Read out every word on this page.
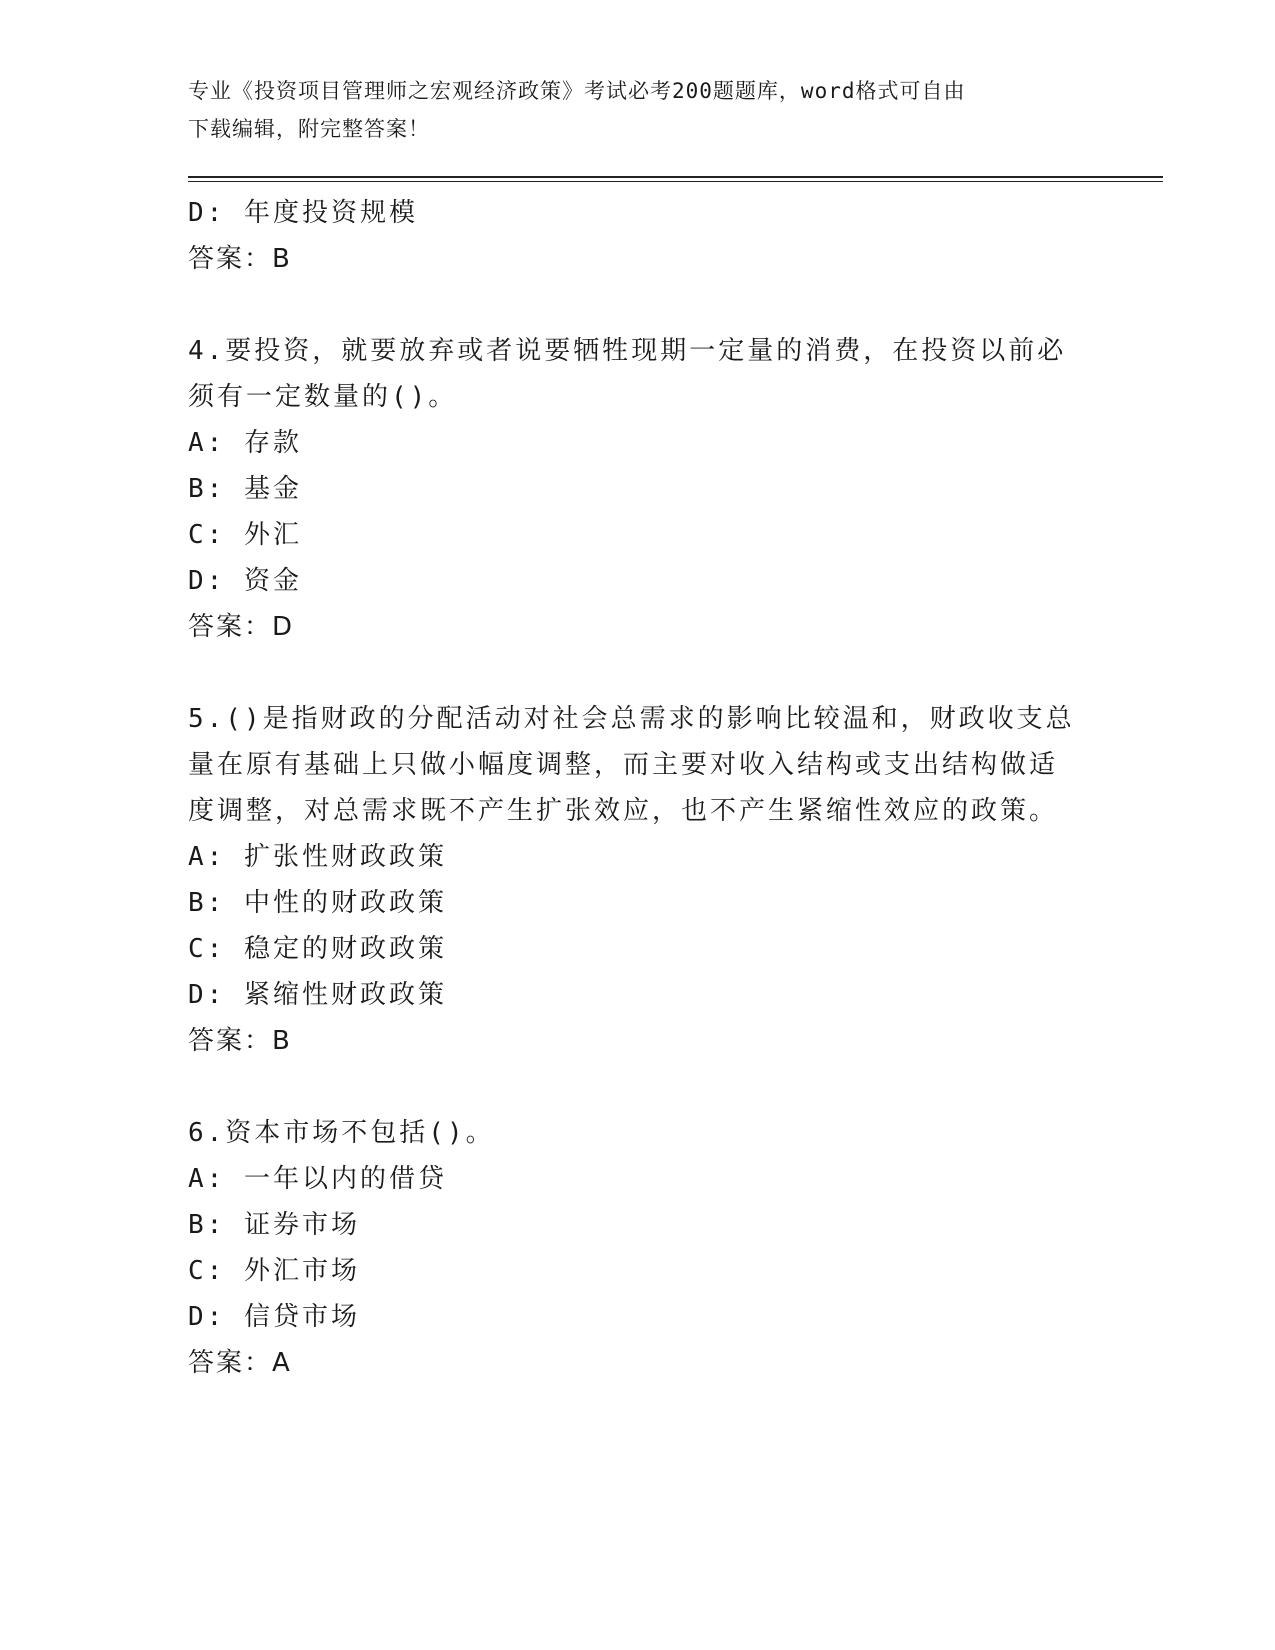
专业《投资项目管理师之宏观经济政策》考试必考200题题库，word格式可自由
下载编辑，附完整答案！
D: 年度投资规模
答案：B
4.要投资，就要放弃或者说要牺牲现期一定量的消费，在投资以前必
须有一定数量的()。
A: 存款
B: 基金
C: 外汇
D: 资金
答案：D
5.()是指财政的分配活动对社会总需求的影响比较温和，财政收支总
量在原有基础上只做小幅度调整，而主要对收入结构或支出结构做适
度调整，对总需求既不产生扩张效应，也不产生紧缩性效应的政策。
A: 扩张性财政政策
B: 中性的财政政策
C: 稳定的财政政策
D: 紧缩性财政政策
答案：B
6.资本市场不包括()。
A: 一年以内的借贷
B: 证券市场
C: 外汇市场
D: 信贷市场
答案：A
